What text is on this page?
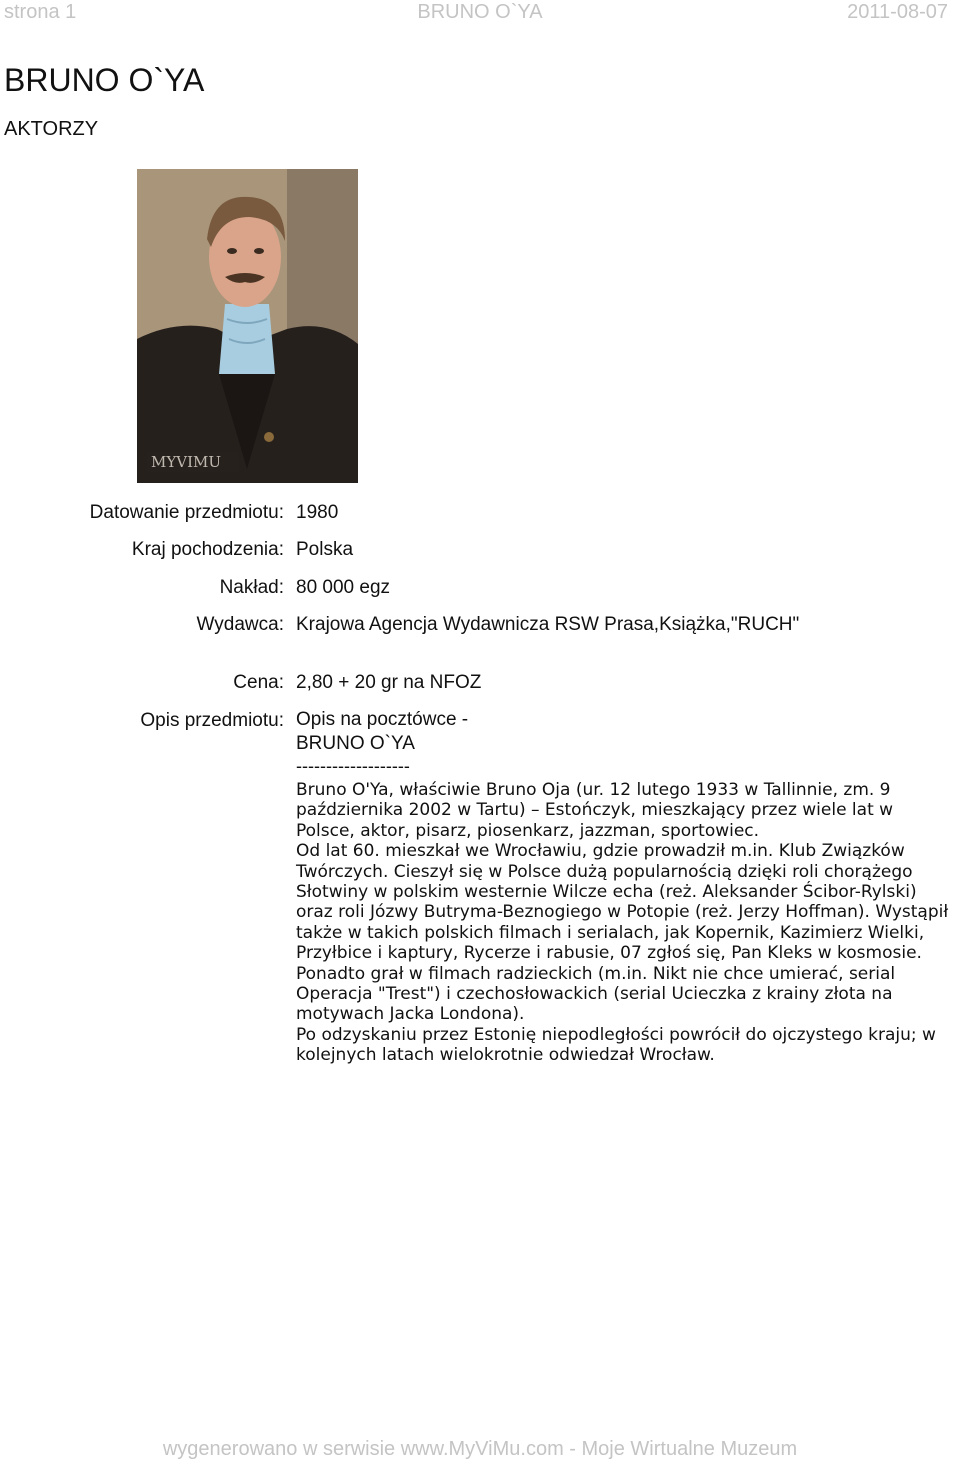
strona 1	BRUNO O`YA	2011-08-07
BRUNO O`YA
AKTORZY
MYVIMU
Datowanie przedmiotu: 1980
Kraj pochodzenia: Polska
Nakład: 80 000 egz
Wydawca: Krajowa Agencja Wydawnicza RSW Prasa,Książka,"RUCH"
Cena: 2,80 + 20 gr na NFOZ
Opis przedmiotu: Opis na pocztówce -
BRUNO O`YA
-------------------
Bruno O'Ya, właściwie Bruno Oja (ur. 12 lutego 1933 w Tallinnie, zm. 9 października 2002 w Tartu) – Estończyk, mieszkający przez wiele lat w Polsce, aktor, pisarz, piosenkarz, jazzman, sportowiec.
Od lat 60. mieszkał we Wrocławiu, gdzie prowadził m.in. Klub Związków Twórczych. Cieszył się w Polsce dużą popularnością dzięki roli chorążego Słotwiny w polskim westernie Wilcze echa (reż. Aleksander Ścibor-Rylski) oraz roli Józwy Butryma-Beznogiego w Potopie (reż. Jerzy Hoffman). Wystąpił także w takich polskich filmach i serialach, jak Kopernik, Kazimierz Wielki, Przyłbice i kaptury, Rycerze i rabusie, 07 zgłoś się, Pan Kleks w kosmosie. Ponadto grał w filmach radzieckich (m.in. Nikt nie chce umierać, serial Operacja "Trest") i czechosłowackich (serial Ucieczka z krainy złota na motywach Jacka Londona).
Po odzyskaniu przez Estonię niepodległości powrócił do ojczystego kraju; w kolejnych latach wielokrotnie odwiedzał Wrocław.
wygenerowano w serwisie www.MyViMu.com - Moje Wirtualne Muzeum
